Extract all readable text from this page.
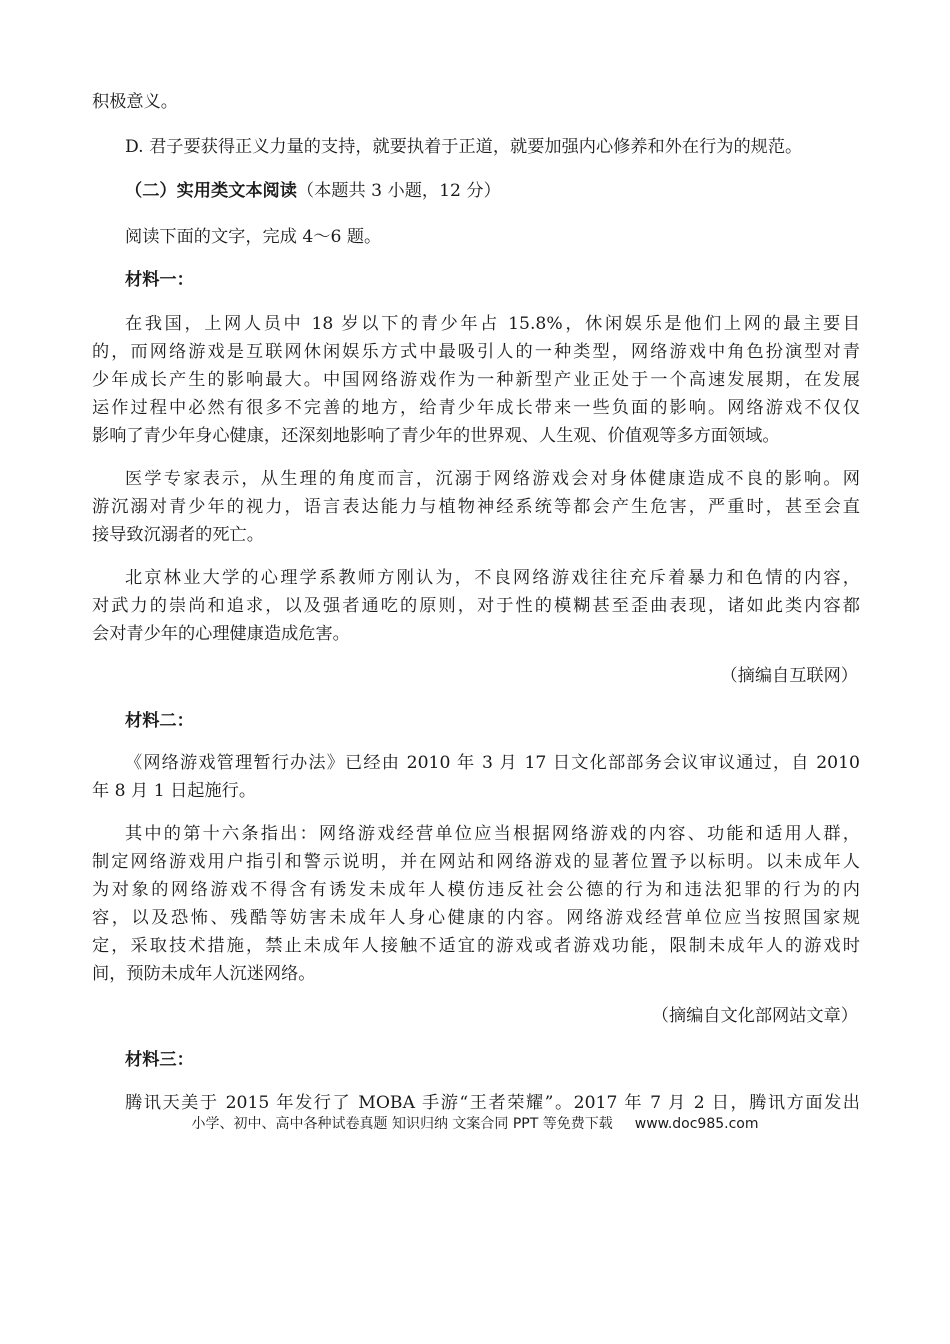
积极意义。
D. 君子要获得正义力量的支持，就要执着于正道，就要加强内心修养和外在行为的规范。
（二）实用类文本阅读（本题共 3 小题，12 分）
阅读下面的文字，完成 4～6 题。
材料一：
在我国，上网人员中 18 岁以下的青少年占 15.8%，休闲娱乐是他们上网的最主要目
的，而网络游戏是互联网休闲娱乐方式中最吸引人的一种类型，网络游戏中角色扮演型对青
少年成长产生的影响最大。中国网络游戏作为一种新型产业正处于一个高速发展期，在发展
运作过程中必然有很多不完善的地方，给青少年成长带来一些负面的影响。网络游戏不仅仅
影响了青少年身心健康，还深刻地影响了青少年的世界观、人生观、价值观等多方面领域。
医学专家表示，从生理的角度而言，沉溺于网络游戏会对身体健康造成不良的影响。网
游沉溺对青少年的视力，语言表达能力与植物神经系统等都会产生危害，严重时，甚至会直
接导致沉溺者的死亡。
北京林业大学的心理学系教师方刚认为，不良网络游戏往往充斥着暴力和色情的内容，
对武力的崇尚和追求，以及强者通吃的原则，对于性的模糊甚至歪曲表现，诸如此类内容都
会对青少年的心理健康造成危害。
（摘编自互联网）
材料二：
《网络游戏管理暂行办法》已经由 2010 年 3 月 17 日文化部部务会议审议通过，自 2010
年 8 月 1 日起施行。
其中的第十六条指出：网络游戏经营单位应当根据网络游戏的内容、功能和适用人群，
制定网络游戏用户指引和警示说明，并在网站和网络游戏的显著位置予以标明。以未成年人
为对象的网络游戏不得含有诱发未成年人模仿违反社会公德的行为和违法犯罪的行为的内
容，以及恐怖、残酷等妨害未成年人身心健康的内容。网络游戏经营单位应当按照国家规
定，采取技术措施，禁止未成年人接触不适宜的游戏或者游戏功能，限制未成年人的游戏时
间，预防未成年人沉迷网络。
（摘编自文化部网站文章）
材料三：
腾讯天美于 2015 年发行了 MOBA 手游“王者荣耀”。2017 年 7 月 2 日，腾讯方面发出
小学、初中、高中各种试卷真题 知识归纳 文案合同 PPT 等免费下载 www.doc985.com
